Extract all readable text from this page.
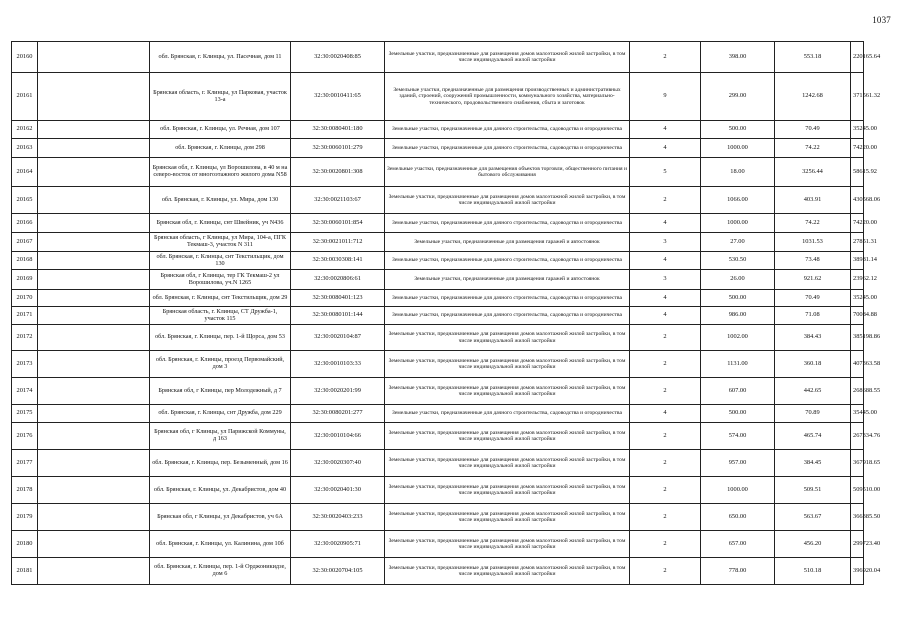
1037
20160		обл. Брянская, г. Клинцы, ул. Пасечная, дом 11	32:30:0020408:85	Земельные участки, предназначенные для размещения домов малоэтажной жилой застройки, в том числе индивидуальной жилой застройки	2	398.00	553.18	220165.64
20161		Брянская область, г. Клинцы, ул Парковая, участок 13-а	32:30:0010411:65	Земельные участки, предназначенные для размещения производственных и административных зданий, строений, сооружений промышленности, коммунального хозяйства, материально-технического, продовольственного снабжения, сбыта и заготовок	9	299.00	1242.68	371561.32
20162		обл. Брянская, г. Клинцы, ул. Речная, дом 107	32:30:0080401:180	Земельные участки, предназначенные для дачного строительства, садоводства и огородничества	4	500.00	70.49	35245.00
20163		обл. Брянская, г. Клинцы, дом 298	32:30:0060101:279	Земельные участки, предназначенные для дачного строительства, садоводства и огородничества	4	1000.00	74.22	74220.00
20164		Брянская обл, г. Клинцы, ул Ворошилова, в 40 м на северо-восток от многоэтажного жилого дома N58	32:30:0020801:308	Земельные участки, предназначенные для размещения объектов торговли, общественного питания и бытового обслуживания	5	18.00	3256.44	58615.92
20165		обл. Брянская, г. Клинцы, ул. Мира, дом 130	32:30:0021103:67	Земельные участки, предназначенные для размещения домов малоэтажной жилой застройки, в том числе индивидуальной жилой застройки	2	1066.00	403.91	430568.06
20166		Брянская обл, г. Клинцы, снт Швейник, уч N436	32:30:0060101:854	Земельные участки, предназначенные для дачного строительства, садоводства и огородничества	4	1000.00	74.22	74220.00
20167		Брянская область, г Клинцы, ул Мира, 104-а, ПГК Текмаш-3, участок N 311	32:30:0021011:712	Земельные участки, предназначенные для размещения гаражей и автостоянок	3	27.00	1031.53	27851.31
20168		обл. Брянская, г. Клинцы, снт Текстильщик, дом 130	32:30:0030308:141	Земельные участки, предназначенные для дачного строительства, садоводства и огородничества	4	530.50	73.48	38981.14
20169		Брянская обл, г Клинцы, тер ГК Текмаш-2 ул Ворошилова, уч.N 1265	32:30:0020806:61	Земельные участки, предназначенные для размещения гаражей и автостоянок	3	26.00	921.62	23962.12
20170		обл. Брянская, г. Клинцы, снт Текстильщик, дом 29	32:30:0080401:123	Земельные участки, предназначенные для дачного строительства, садоводства и огородничества	4	500.00	70.49	35245.00
20171		Брянская область, г. Клинцы, СТ Дружба-1, участок 115	32:30:0080101:144	Земельные участки, предназначенные для дачного строительства, садоводства и огородничества	4	986.00	71.08	70084.88
20172		обл. Брянская, г. Клинцы, пер. 1-й Щорса, дом 53	32:30:0020104:87	Земельные участки, предназначенные для размещения домов малоэтажной жилой застройки, в том числе индивидуальной жилой застройки	2	1002.00	384.43	385198.86
20173		обл. Брянская, г. Клинцы, проезд Первомайский, дом 3	32:30:0010103:33	Земельные участки, предназначенные для размещения домов малоэтажной жилой застройки, в том числе индивидуальной жилой застройки	2	1131.00	360.18	407363.58
20174		Брянская обл, г Клинцы, пер Молодежный, д 7	32:30:0020201:99	Земельные участки, предназначенные для размещения домов малоэтажной жилой застройки, в том числе индивидуальной жилой застройки	2	607.00	442.65	268688.55
20175		обл. Брянская, г. Клинцы, снт Дружба, дом 229	32:30:0080201:277	Земельные участки, предназначенные для дачного строительства, садоводства и огородничества	4	500.00	70.89	35445.00
20176		Брянская обл, г Клинцы, ул Парижской Коммуны, д 163	32:30:0010104:66	Земельные участки, предназначенные для размещения домов малоэтажной жилой застройки, в том числе индивидуальной жилой застройки	2	574.00	465.74	267334.76
20177		обл. Брянская, г. Клинцы, пер. Безыменный, дом 16	32:30:0020307:40	Земельные участки, предназначенные для размещения домов малоэтажной жилой застройки, в том числе индивидуальной жилой застройки	2	957.00	384.45	367918.65
20178		обл. Брянская, г. Клинцы, ул. Декабристов, дом 40	32:30:0020401:30	Земельные участки, предназначенные для размещения домов малоэтажной жилой застройки, в том числе индивидуальной жилой застройки	2	1000.00	509.51	509510.00
20179		Брянская обл, г Клинцы, ул Декабристов, уч 6А	32:30:0020403:233	Земельные участки, предназначенные для размещения домов малоэтажной жилой застройки, в том числе индивидуальной жилой застройки	2	650.00	563.67	366385.50
20180		обл. Брянская, г. Клинцы, ул. Калинина, дом 10б	32:30:0020905:71	Земельные участки, предназначенные для размещения домов малоэтажной жилой застройки, в том числе индивидуальной жилой застройки	2	657.00	456.20	299723.40
20181		обл. Брянская, г. Клинцы, пер. 1-й Орджоникидзе, дом 6	32:30:0020704:105	Земельные участки, предназначенные для размещения домов малоэтажной жилой застройки, в том числе индивидуальной жилой застройки	2	778.00	510.18	396920.04
